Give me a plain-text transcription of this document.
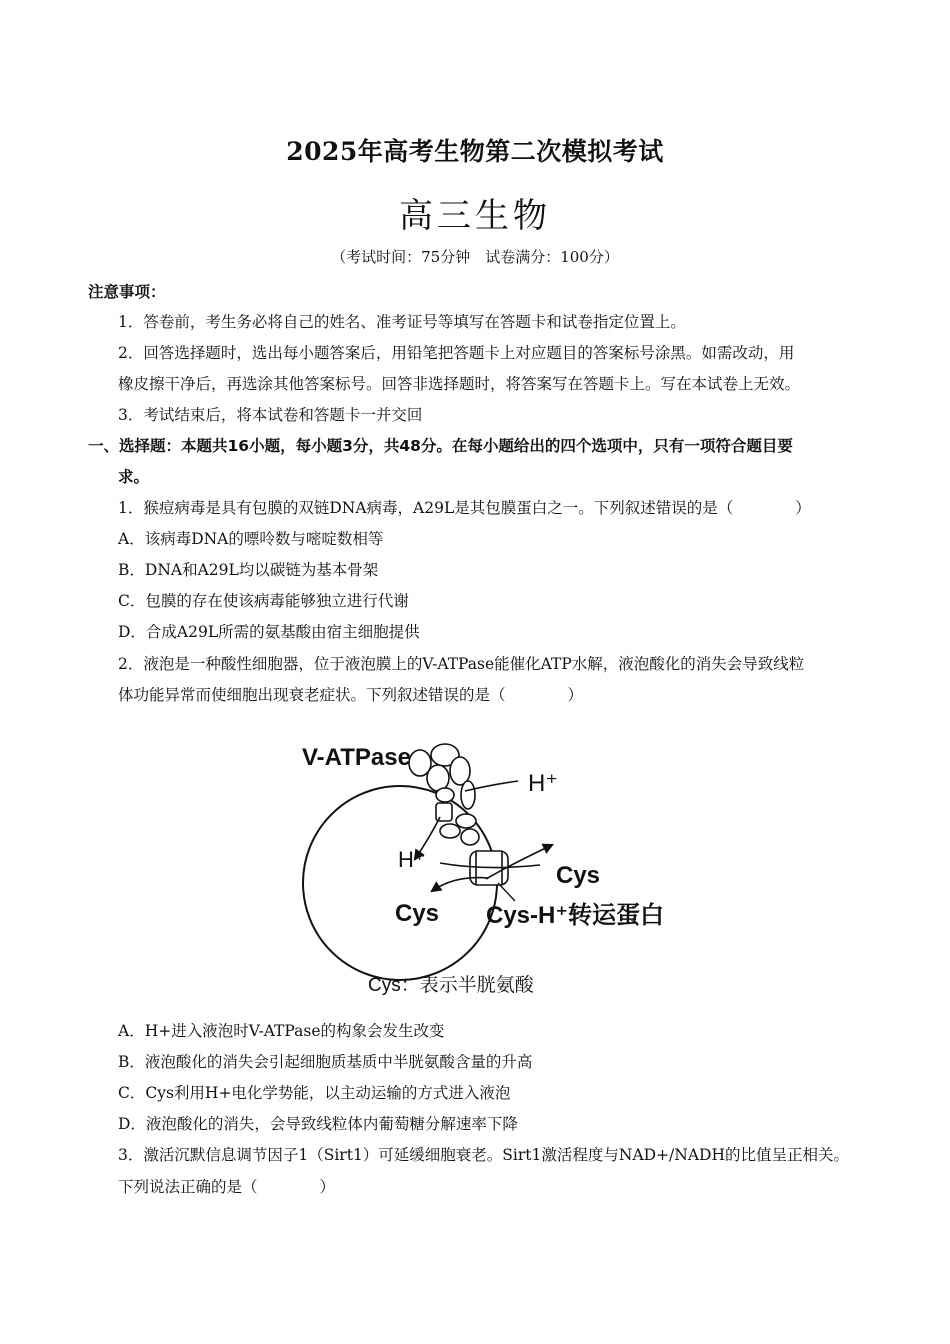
2025年高考生物第二次模拟考试
高三生物
（考试时间：75分钟　试卷满分：100分）
注意事项：
1．答卷前，考生务必将自己的姓名、准考证号等填写在答题卡和试卷指定位置上。
2．回答选择题时，选出每小题答案后，用铅笔把答题卡上对应题目的答案标号涂黑。如需改动，用
橡皮擦干净后，再选涂其他答案标号。回答非选择题时，将答案写在答题卡上。写在本试卷上无效。
3．考试结束后，将本试卷和答题卡一并交回
一、选择题：本题共16小题，每小题3分，共48分。在每小题给出的四个选项中，只有一项符合题目要
求。
1．猴痘病毒是具有包膜的双链DNA病毒，A29L是其包膜蛋白之一。下列叙述错误的是（　　　　）
A．该病毒DNA的嘌呤数与嘧啶数相等
B．DNA和A29L均以碳链为基本骨架
C．包膜的存在使该病毒能够独立进行代谢
D．合成A29L所需的氨基酸由宿主细胞提供
2．液泡是一种酸性细胞器，位于液泡膜上的V-ATPase能催化ATP水解，液泡酸化的消失会导致线粒
体功能异常而使细胞出现衰老症状。下列叙述错误的是（　　　　）
V-ATPase
H⁺
H⁺
Cys
Cys Cys-H⁺转运蛋白
Cys：表示半胱氨酸
A．H+进入液泡时V-ATPase的构象会发生改变
B．液泡酸化的消失会引起细胞质基质中半胱氨酸含量的升高
C．Cys利用H+电化学势能，以主动运输的方式进入液泡
D．液泡酸化的消失，会导致线粒体内葡萄糖分解速率下降
3．激活沉默信息调节因子1（Sirt1）可延缓细胞衰老。Sirt1激活程度与NAD+/NADH的比值呈正相关。
下列说法正确的是（　　　　）
